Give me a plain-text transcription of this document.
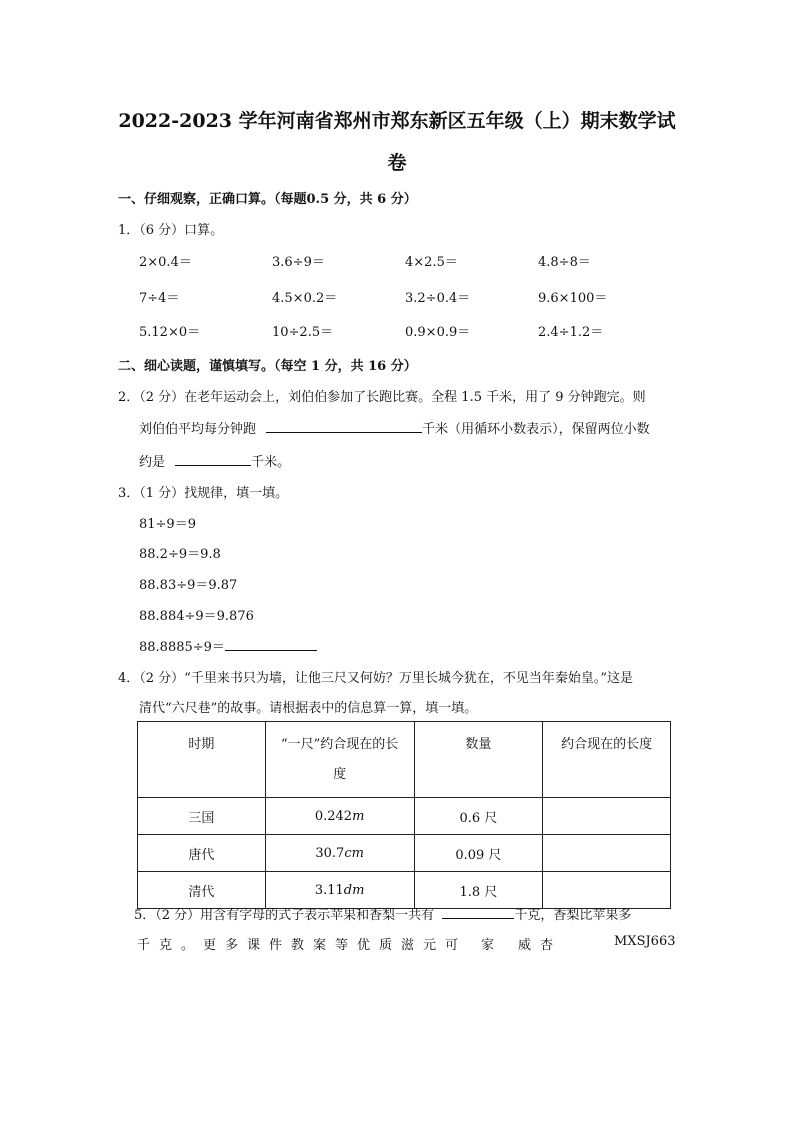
2022-2023 学年河南省郑州市郑东新区五年级（上）期末数学试
卷
一、仔细观察，正确口算。（每题0.5 分，共 6 分）
1．（6 分）口算。
2×0.4＝	3.6÷9＝	4×2.5＝	4.8÷8＝
7÷4＝	4.5×0.2＝	3.2÷0.4＝	9.6×100＝
5.12×0＝	10÷2.5＝	0.9×0.9＝	2.4÷1.2＝
二、细心读题，谨慎填写。（每空 1 分，共 16 分）
2．（2 分）在老年运动会上，刘伯伯参加了长跑比赛。全程 1.5 千米，用了 9 分钟跑完。则
刘伯伯平均每分钟跑	千米（用循环小数表示），保留两位小数
约是	千米。
3．（1 分）找规律，填一填。
81÷9＝9
88.2÷9＝9.8
88.83÷9＝9.87
88.884÷9＝9.876
88.8885÷9＝
4．（2 分）“千里来书只为墙，让他三尺又何妨？万里长城今犹在，不见当年秦始皇。”这是
清代“六尺巷”的故事。请根据表中的信息算一算，填一填。
时期	“一尺”约合现在的长度	数量	约合现在的长度
三国	0.242m	0.6 尺	
唐代	30.7cm	0.09 尺	
清代	3.11dm	1.8 尺	
5．（2 分）用含有字母的式子表示苹果和香梨一共有	千克，香梨比苹果多
千克。更多课件教案等优质滋元可 家 威杏	MXSJ663
